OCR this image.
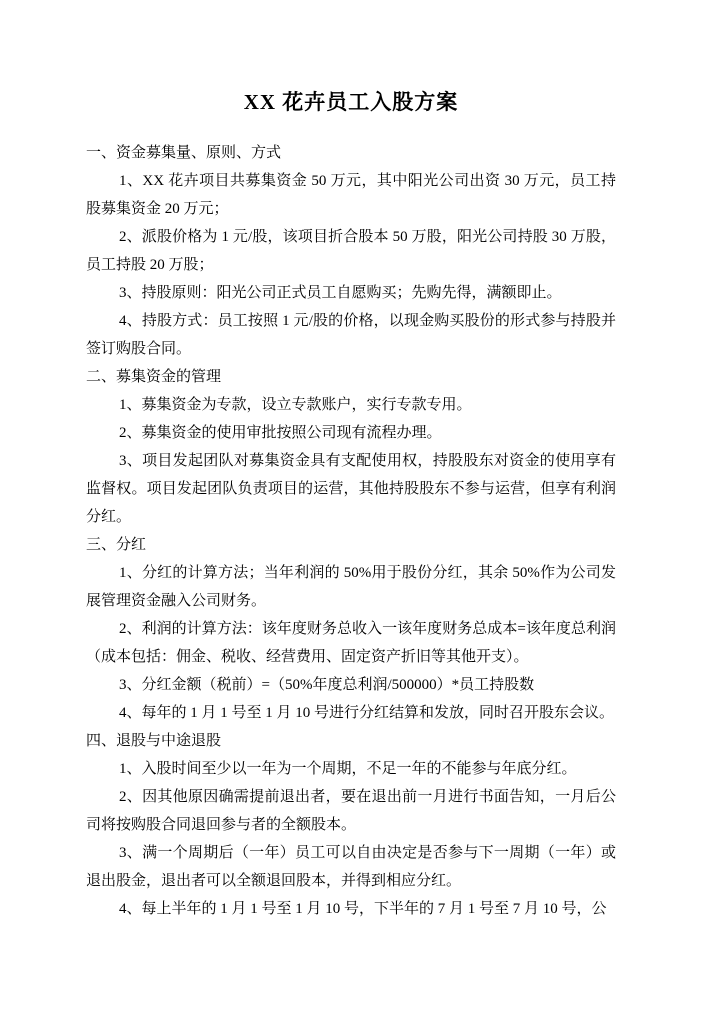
XX 花卉员工入股方案

一、资金募集量、原则、方式

1、XX 花卉项目共募集资金 50 万元，其中阳光公司出资 30 万元，员工持股募集资金 20 万元；

2、派股价格为 1 元/股，该项目折合股本 50 万股，阳光公司持股 30 万股，员工持股 20 万股；

3、持股原则：阳光公司正式员工自愿购买；先购先得，满额即止。

4、持股方式：员工按照 1 元/股的价格，以现金购买股份的形式参与持股并签订购股合同。

二、募集资金的管理

1、募集资金为专款，设立专款账户，实行专款专用。

2、募集资金的使用审批按照公司现有流程办理。

3、项目发起团队对募集资金具有支配使用权，持股股东对资金的使用享有监督权。项目发起团队负责项目的运营，其他持股股东不参与运营，但享有利润分红。

三、分红

1、分红的计算方法；当年利润的 50%用于股份分红，其余 50%作为公司发展管理资金融入公司财务。

2、利润的计算方法：该年度财务总收入一该年度财务总成本=该年度总利润（成本包括：佣金、税收、经营费用、固定资产折旧等其他开支）。

3、分红金额（税前）=（50%年度总利润/500000）*员工持股数

4、每年的 1 月 1 号至 1 月 10 号进行分红结算和发放，同时召开股东会议。

四、退股与中途退股

1、入股时间至少以一年为一个周期，不足一年的不能参与年底分红。

2、因其他原因确需提前退出者，要在退出前一月进行书面告知，一月后公司将按购股合同退回参与者的全额股本。

3、满一个周期后（一年）员工可以自由决定是否参与下一周期（一年）或退出股金，退出者可以全额退回股本，并得到相应分红。

4、每上半年的 1 月 1 号至 1 月 10 号，下半年的 7 月 1 号至 7 月 10 号，公
